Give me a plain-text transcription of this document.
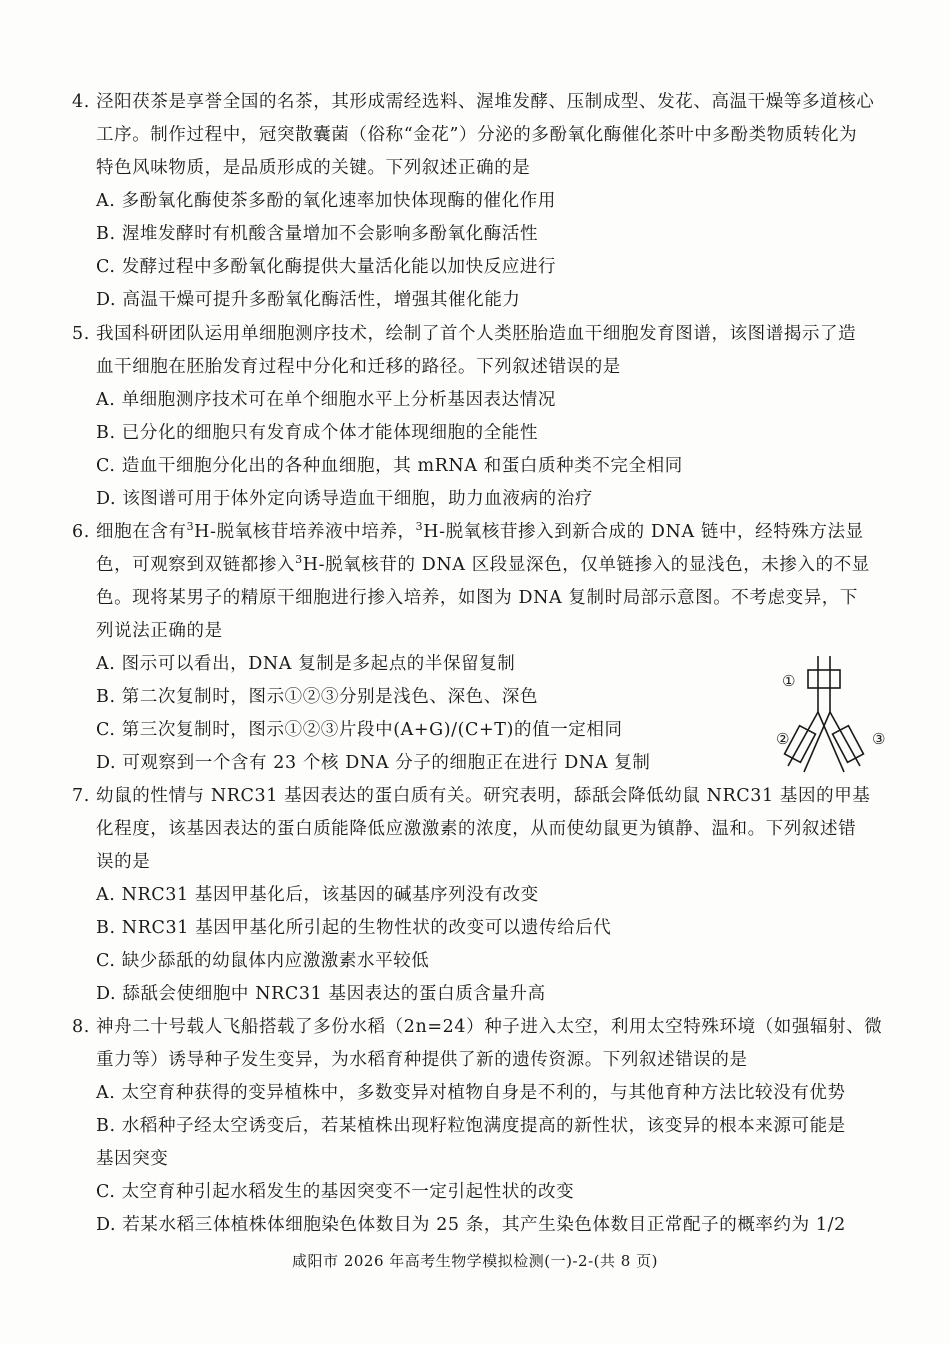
4. 泾阳茯茶是享誉全国的名茶，其形成需经选料、渥堆发酵、压制成型、发花、高温干燥等多道核心
工序。制作过程中，冠突散囊菌（俗称“金花”）分泌的多酚氧化酶催化茶叶中多酚类物质转化为
特色风味物质，是品质形成的关键。下列叙述正确的是
A. 多酚氧化酶使茶多酚的氧化速率加快体现酶的催化作用
B. 渥堆发酵时有机酸含量增加不会影响多酚氧化酶活性
C. 发酵过程中多酚氧化酶提供大量活化能以加快反应进行
D. 高温干燥可提升多酚氧化酶活性，增强其催化能力
5. 我国科研团队运用单细胞测序技术，绘制了首个人类胚胎造血干细胞发育图谱，该图谱揭示了造
血干细胞在胚胎发育过程中分化和迁移的路径。下列叙述错误的是
A. 单细胞测序技术可在单个细胞水平上分析基因表达情况
B. 已分化的细胞只有发育成个体才能体现细胞的全能性
C. 造血干细胞分化出的各种血细胞，其 mRNA 和蛋白质种类不完全相同
D. 该图谱可用于体外定向诱导造血干细胞，助力血液病的治疗
6. 细胞在含有$^3$H-脱氧核苷培养液中培养，$^3$H-脱氧核苷掺入到新合成的 DNA 链中，经特殊方法显
色，可观察到双链都掺入$^3$H-脱氧核苷的 DNA 区段显深色，仅单链掺入的显浅色，未掺入的不显
色。现将某男子的精原干细胞进行掺入培养，如图为 DNA 复制时局部示意图。不考虑变异，下
列说法正确的是
A. 图示可以看出，DNA 复制是多起点的半保留复制
B. 第二次复制时，图示①②③分别是浅色、深色、深色
C. 第三次复制时，图示①②③片段中(A+G)/(C+T)的值一定相同
D. 可观察到一个含有 23 个核 DNA 分子的细胞正在进行 DNA 复制
①
②	③
7. 幼鼠的性情与 NRC31 基因表达的蛋白质有关。研究表明，舔舐会降低幼鼠 NRC31 基因的甲基
化程度，该基因表达的蛋白质能降低应激激素的浓度，从而使幼鼠更为镇静、温和。下列叙述错
误的是
A. NRC31 基因甲基化后，该基因的碱基序列没有改变
B. NRC31 基因甲基化所引起的生物性状的改变可以遗传给后代
C. 缺少舔舐的幼鼠体内应激激素水平较低
D. 舔舐会使细胞中 NRC31 基因表达的蛋白质含量升高
8. 神舟二十号载人飞船搭载了多份水稻（2n=24）种子进入太空，利用太空特殊环境（如强辐射、微
重力等）诱导种子发生变异，为水稻育种提供了新的遗传资源。下列叙述错误的是
A. 太空育种获得的变异植株中，多数变异对植物自身是不利的，与其他育种方法比较没有优势
B. 水稻种子经太空诱变后，若某植株出现籽粒饱满度提高的新性状，该变异的根本来源可能是
基因突变
C. 太空育种引起水稻发生的基因突变不一定引起性状的改变
D. 若某水稻三体植株体细胞染色体数目为 25 条，其产生染色体数目正常配子的概率约为 1/2
咸阳市 2026 年高考生物学模拟检测(一)-2-(共 8 页)
